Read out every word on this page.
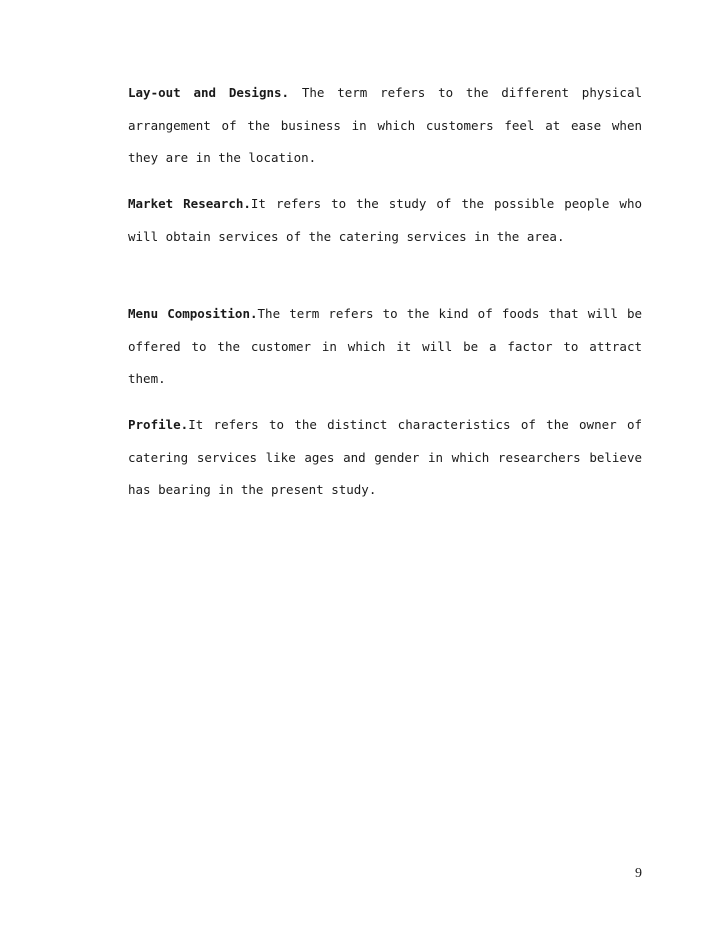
Lay-out and Designs. The term refers to the different physical arrangement of the business in which customers feel at ease when they are in the location.

Market Research.It refers to the study of the possible people who will obtain services of the catering services in the area.

Menu Composition.The term refers to the kind of foods that will be offered to the customer in which it will be a factor to attract them.

Profile.It refers to the distinct characteristics of the owner of catering services like ages and gender in which researchers believe has bearing in the present study.

9
